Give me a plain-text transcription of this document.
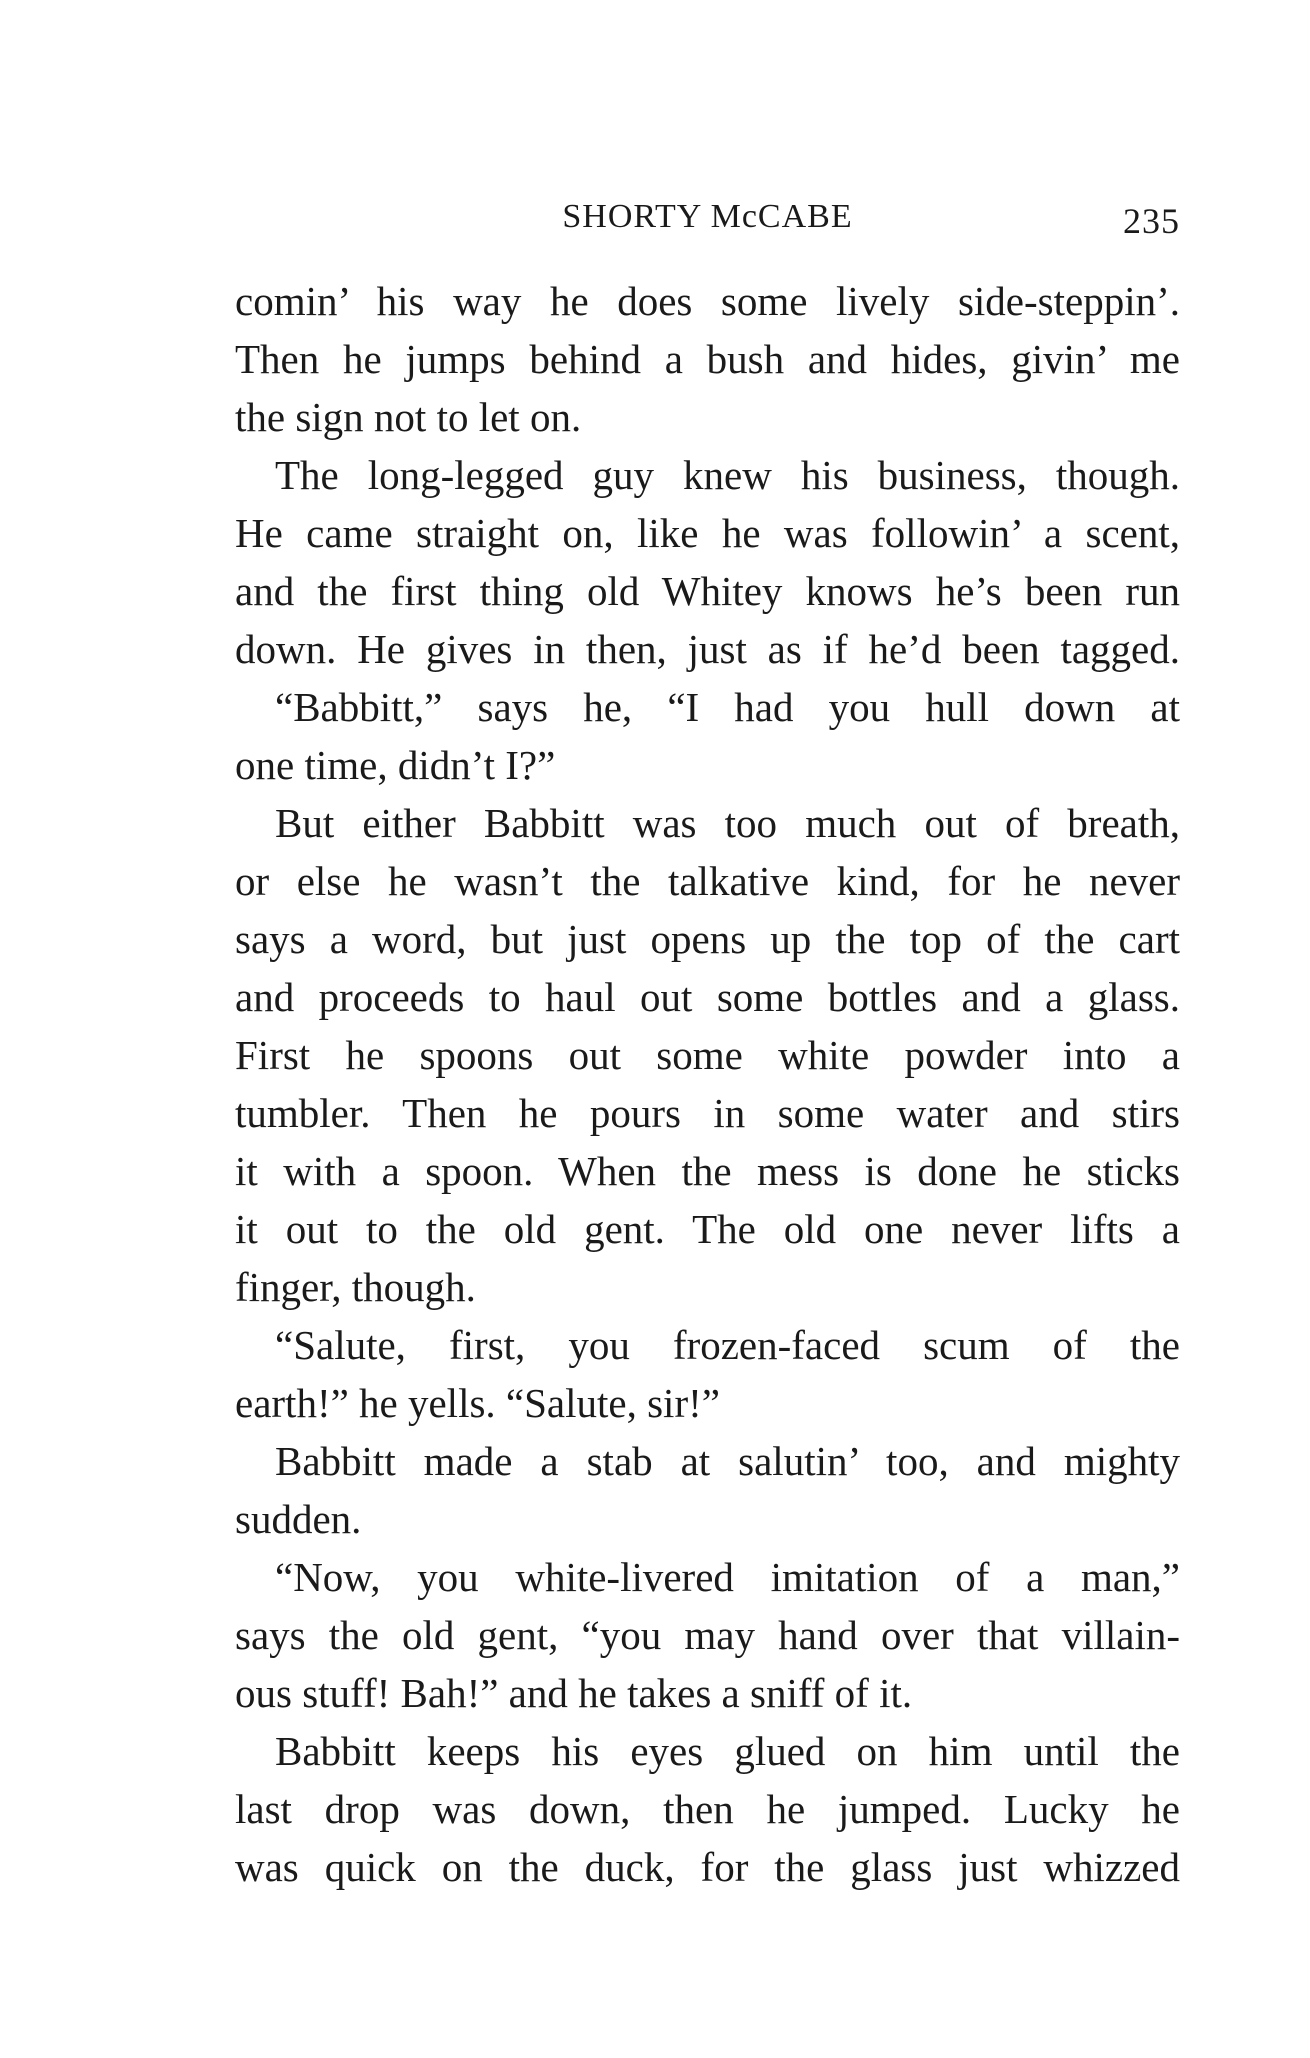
SHORTY McCABE	235
comin’ his way he does some lively side-steppin’.
Then he jumps behind a bush and hides, givin’ me
the sign not to let on.
The long-legged guy knew his business, though.
He came straight on, like he was followin’ a scent,
and the first thing old Whitey knows he’s been run
down. He gives in then, just as if he’d been tagged.
“Babbitt,” says he, “I had you hull down at
one time, didn’t I?”
But either Babbitt was too much out of breath,
or else he wasn’t the talkative kind, for he never
says a word, but just opens up the top of the cart
and proceeds to haul out some bottles and a glass.
First he spoons out some white powder into a
tumbler. Then he pours in some water and stirs
it with a spoon. When the mess is done he sticks
it out to the old gent. The old one never lifts a
finger, though.
“Salute, first, you frozen-faced scum of the
earth!” he yells. “Salute, sir!”
Babbitt made a stab at salutin’ too, and mighty
sudden.
“Now, you white-livered imitation of a man,”
says the old gent, “you may hand over that villain-
ous stuff! Bah!” and he takes a sniff of it.
Babbitt keeps his eyes glued on him until the
last drop was down, then he jumped. Lucky he
was quick on the duck, for the glass just whizzed
